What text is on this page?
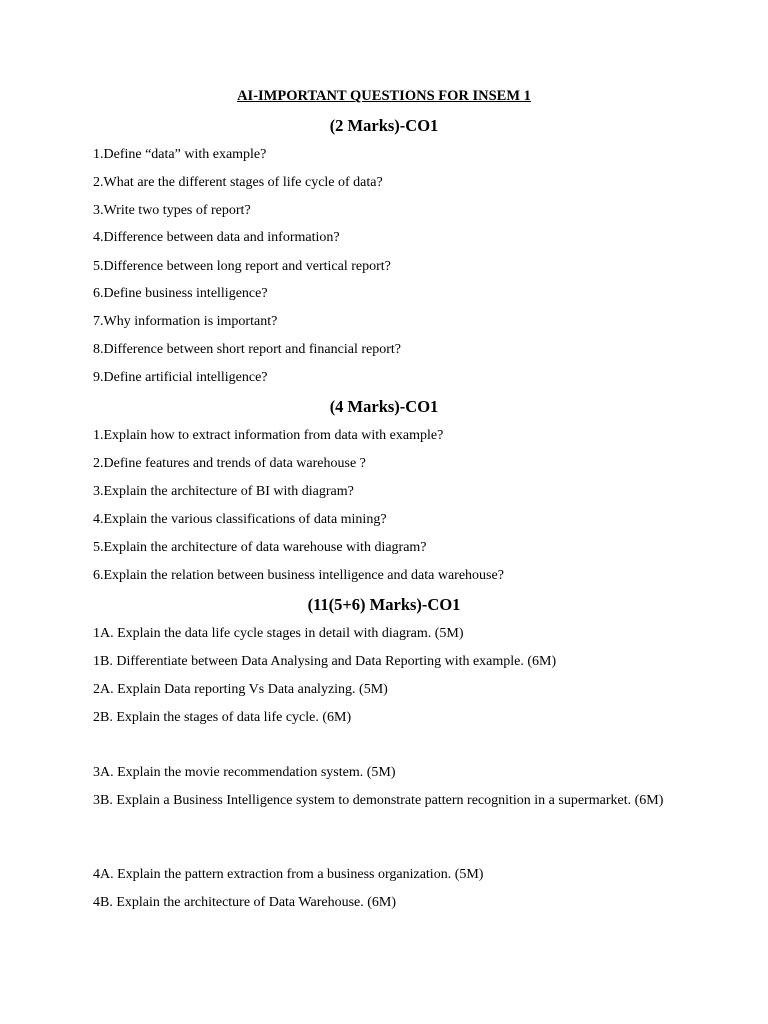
AI-IMPORTANT QUESTIONS FOR INSEM 1
(2 Marks)-CO1
1.Define “data” with example?
2.What are the different stages of life cycle of data?
3.Write two types of report?
4.Difference between data and information?
5.Difference between long report and vertical report?
6.Define business intelligence?
7.Why information is important?
8.Difference between short report and financial report?
9.Define artificial intelligence?
(4 Marks)-CO1
1.Explain how to extract information from data with example?
2.Define features and trends of data warehouse ?
3.Explain the architecture of BI with diagram?
4.Explain the various classifications of data mining?
5.Explain the architecture of data warehouse with diagram?
6.Explain the relation between business intelligence and data warehouse?
(11(5+6) Marks)-CO1
1A. Explain the data life cycle stages in detail with diagram. (5M)
1B. Differentiate between Data Analysing and Data Reporting with example. (6M)
2A. Explain Data reporting Vs Data analyzing. (5M)
2B. Explain the stages of data life cycle. (6M)
3A. Explain the movie recommendation system. (5M)
3B. Explain a Business Intelligence system to demonstrate pattern recognition in a supermarket. (6M)
4A. Explain the pattern extraction from a business organization. (5M)
4B. Explain the architecture of Data Warehouse. (6M)
